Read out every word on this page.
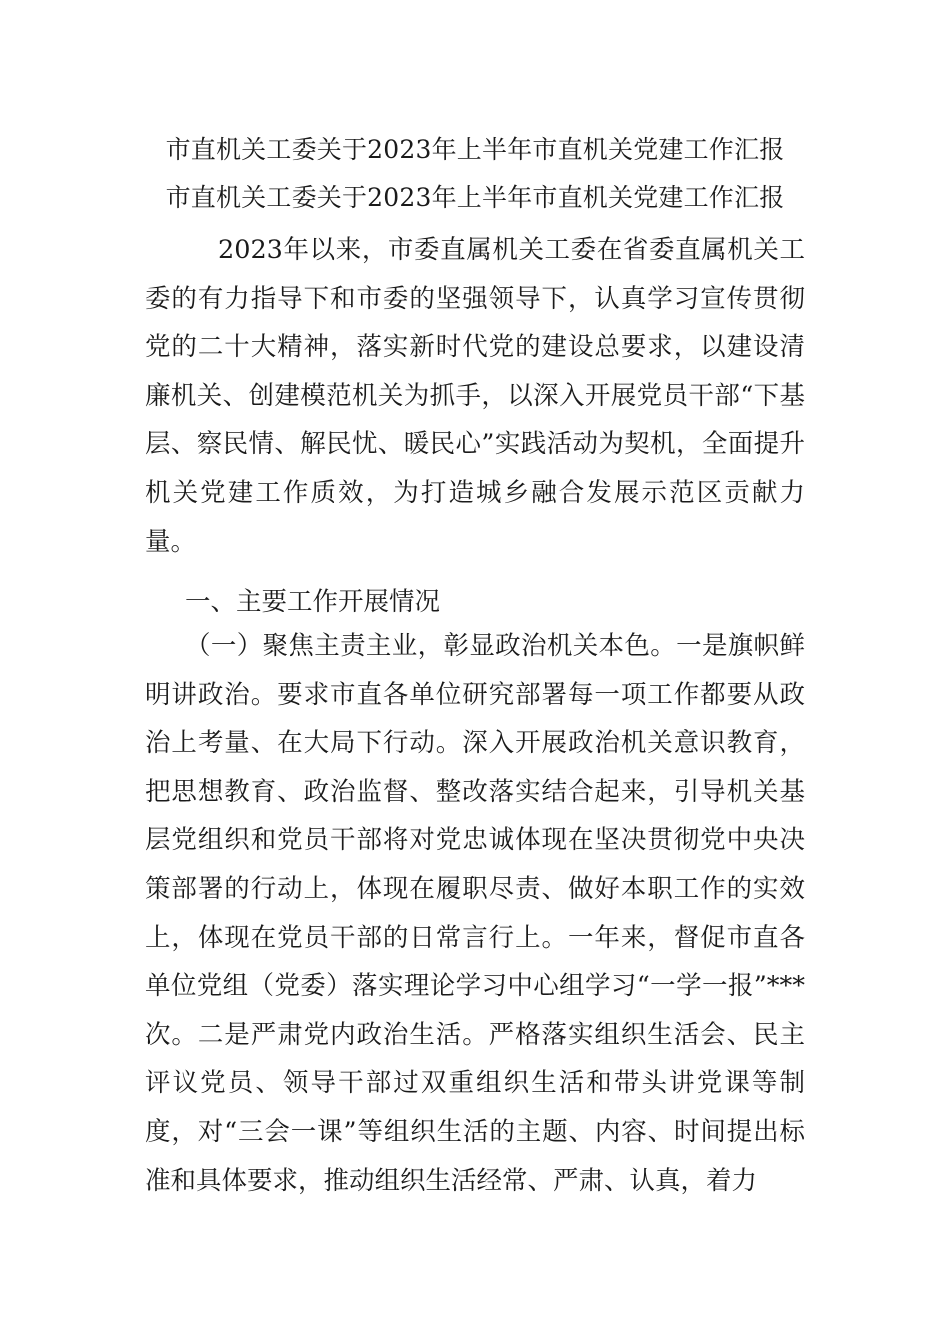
市直机关工委关于2023年上半年市直机关党建工作汇报
市直机关工委关于2023年上半年市直机关党建工作汇报

2023年以来，市委直属机关工委在省委直属机关工委的有力指导下和市委的坚强领导下，认真学习宣传贯彻党的二十大精神，落实新时代党的建设总要求，以建设清廉机关、创建模范机关为抓手，以深入开展党员干部“下基层、察民情、解民忧、暖民心”实践活动为契机，全面提升机关党建工作质效，为打造城乡融合发展示范区贡献力量。

一、主要工作开展情况

（一）聚焦主责主业，彰显政治机关本色。一是旗帜鲜明讲政治。要求市直各单位研究部署每一项工作都要从政治上考量、在大局下行动。深入开展政治机关意识教育，把思想教育、政治监督、整改落实结合起来，引导机关基层党组织和党员干部将对党忠诚体现在坚决贯彻党中央决策部署的行动上，体现在履职尽责、做好本职工作的实效上，体现在党员干部的日常言行上。一年来，督促市直各单位党组（党委）落实理论学习中心组学习“一学一报”***次。二是严肃党内政治生活。严格落实组织生活会、民主评议党员、领导干部过双重组织生活和带头讲党课等制度，对“三会一课”等组织生活的主题、内容、时间提出标准和具体要求，推动组织生活经常、严肃、认真，着力
